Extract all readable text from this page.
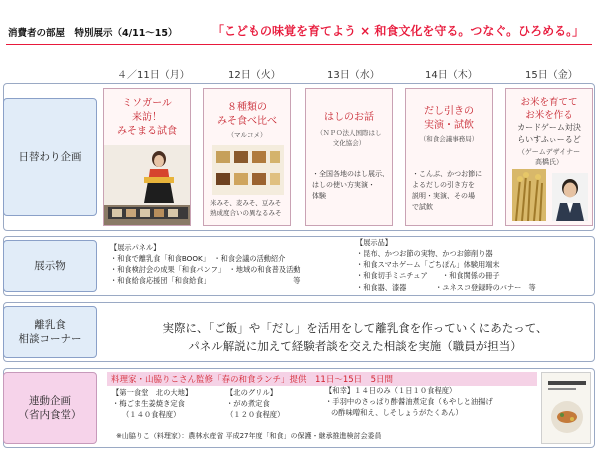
消費者の部屋　特別展示（4/11～15）	「こどもの味覚を育てよう × 和食文化を守る。つなぐ。ひろめる。」
４／11日（月）	12日（火）	13日（水）	14日（木）	15日（金）
日替わり企画
ミソガール
来訪！
みそまる試食
８種類の
みそ食べ比べ
（マルコメ）
米みそ、麦みそ、豆みそ
熟成度合いの異なるみそ
はしのお話
（ＮＰＯ法人国際はし
文化協会）
・全国各地のはし展示、
はしの使い方実演・
体験
だし引きの
実演・試飲
（和食会議事務局）
・こんぶ、かつお節に
よるだしの引き方を
説明・実演、その場
で試飲
お米を育てて
お米を作る
カードゲーム対決
らいすふぃーるど
（ゲームデザイナー
高橋氏）
展示物
【展示パネル】
・和食で離乳食「和食BOOK」　・和食会議の活動紹介
・和食検討会の成果「和食パンフ」　・地域の和食普及活動
・和食給食応援団「和食給食」　　　　　　　　　　　　等
【展示品】
・昆布、かつお節の実物、かつお節削り器
・和食スマホゲーム「ごちぽん」体験用端末
・和食切手ミニチュア　　・和食関係の冊子
・和食器、漆器　　　　・ユネスコ登録時のバナー　等
離乳食
相談コーナー
実際に、「ご飯」や「だし」を活用をして離乳食を作っていくにあたって、
パネル解説に加えて経験者談を交えた相談を実施（職員が担当）
連動企画
（省内食堂）
料理家・山脇りこさん監修「春の和食ランチ」提供　11日～15日　5日間
【第一食堂　北の大地】
・梅ごま生姜焼き定食
（１４０食程度）
【北のグリル】
・がめ煮定食
（１２０食程度）
【和幸】１４日のみ（１日１０食程度）
・手羽中のさっぱり酢醤油煮定食（もやしと油揚げ
の酢味噌和え、しそしょうがたくあん）
※山脇りこ（料理家）：農林水産省 平成27年度「和食」の保護・継承推進検討会委員
